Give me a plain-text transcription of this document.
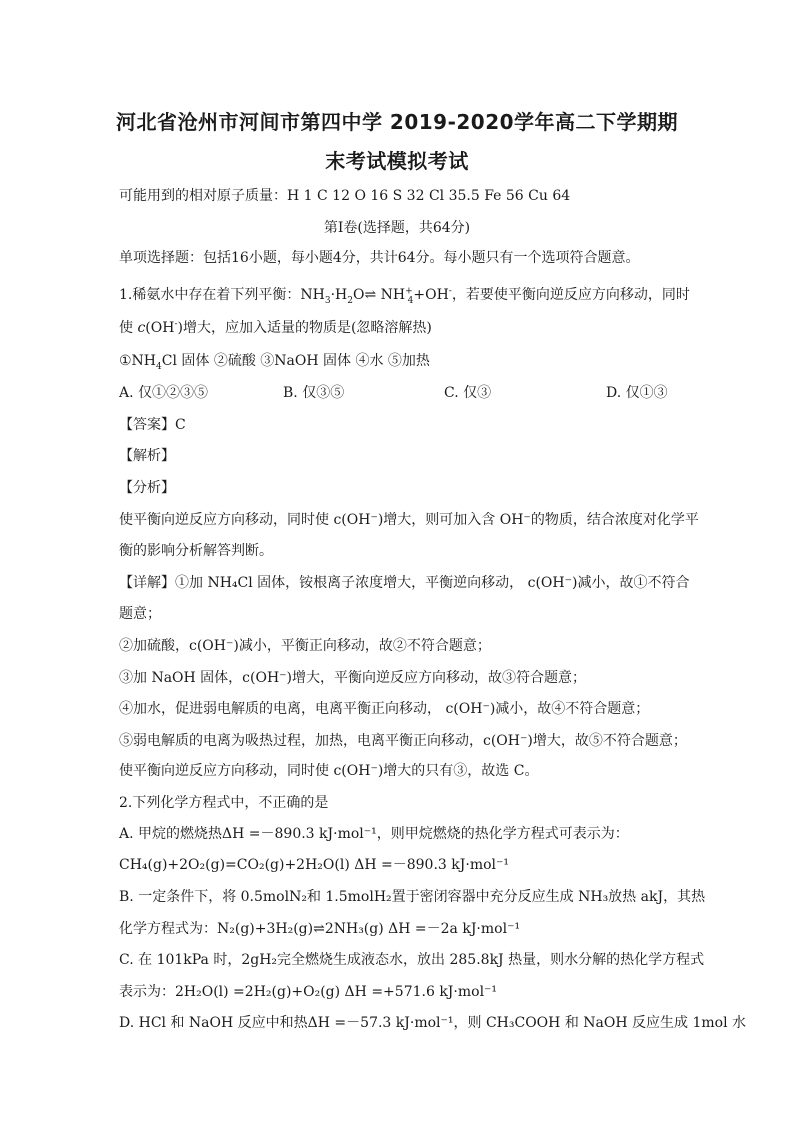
河北省沧州市河间市第四中学 2019-2020学年高二下学期期
末考试模拟考试
可能用到的相对原子质量：H 1 C 12 O 16 S 32 Cl 35.5 Fe 56 Cu 64
第Ⅰ卷(选择题，共64分)
单项选择题：包括16小题，每小题4分，共计64分。每小题只有一个选项符合题意。
1.稀氨水中存在着下列平衡：$NH_3\cdot H_2O\rightleftharpoons$ $NH^+_4+OH^-$，若要使平衡向逆反应方向移动，同时
使 c(OH-)增大，应加入适量的物质是(忽略溶解热)
$①NH_4Cl$ 固体 ②硫酸 ③NaOH 固体 ④水 ⑤加热
A. 仅①②③⑤	B. 仅③⑤	C. 仅③	D. 仅①③
【答案】C
【解析】
【分析】
使平衡向逆反应方向移动，同时使 c(OH⁻)增大，则可加入含 OH⁻的物质，结合浓度对化学平
衡的影响分析解答判断。
【详解】①加 NH₄Cl 固体，铵根离子浓度增大，平衡逆向移动， c(OH⁻)减小，故①不符合
题意；
②加硫酸，c(OH⁻)减小，平衡正向移动，故②不符合题意；
③加 NaOH 固体，c(OH⁻)增大，平衡向逆反应方向移动，故③符合题意；
④加水，促进弱电解质的电离，电离平衡正向移动， c(OH⁻)减小，故④不符合题意；
⑤弱电解质的电离为吸热过程，加热，电离平衡正向移动，c(OH⁻)增大，故⑤不符合题意；
使平衡向逆反应方向移动，同时使 c(OH⁻)增大的只有③，故选 C。
2.下列化学方程式中，不正确的是
A. 甲烷的燃烧热ΔH =－890.3 kJ·mol⁻¹，则甲烷燃烧的热化学方程式可表示为：
CH₄(g)+2O₂(g)=CO₂(g)+2H₂O(l) ΔH =－890.3 kJ·mol⁻¹
B. 一定条件下，将 0.5molN₂和 1.5molH₂置于密闭容器中充分反应生成 NH₃放热 akJ，其热
化学方程式为：N₂(g)+3H₂(g)⇌2NH₃(g) ΔH =－2a kJ·mol⁻¹
C. 在 101kPa 时，2gH₂完全燃烧生成液态水，放出 285.8kJ 热量，则水分解的热化学方程式
表示为：2H₂O(l) =2H₂(g)+O₂(g) ΔH =+571.6 kJ·mol⁻¹
D. HCl 和 NaOH 反应中和热ΔH =－57.3 kJ·mol⁻¹，则 CH₃COOH 和 NaOH 反应生成 1mol 水
